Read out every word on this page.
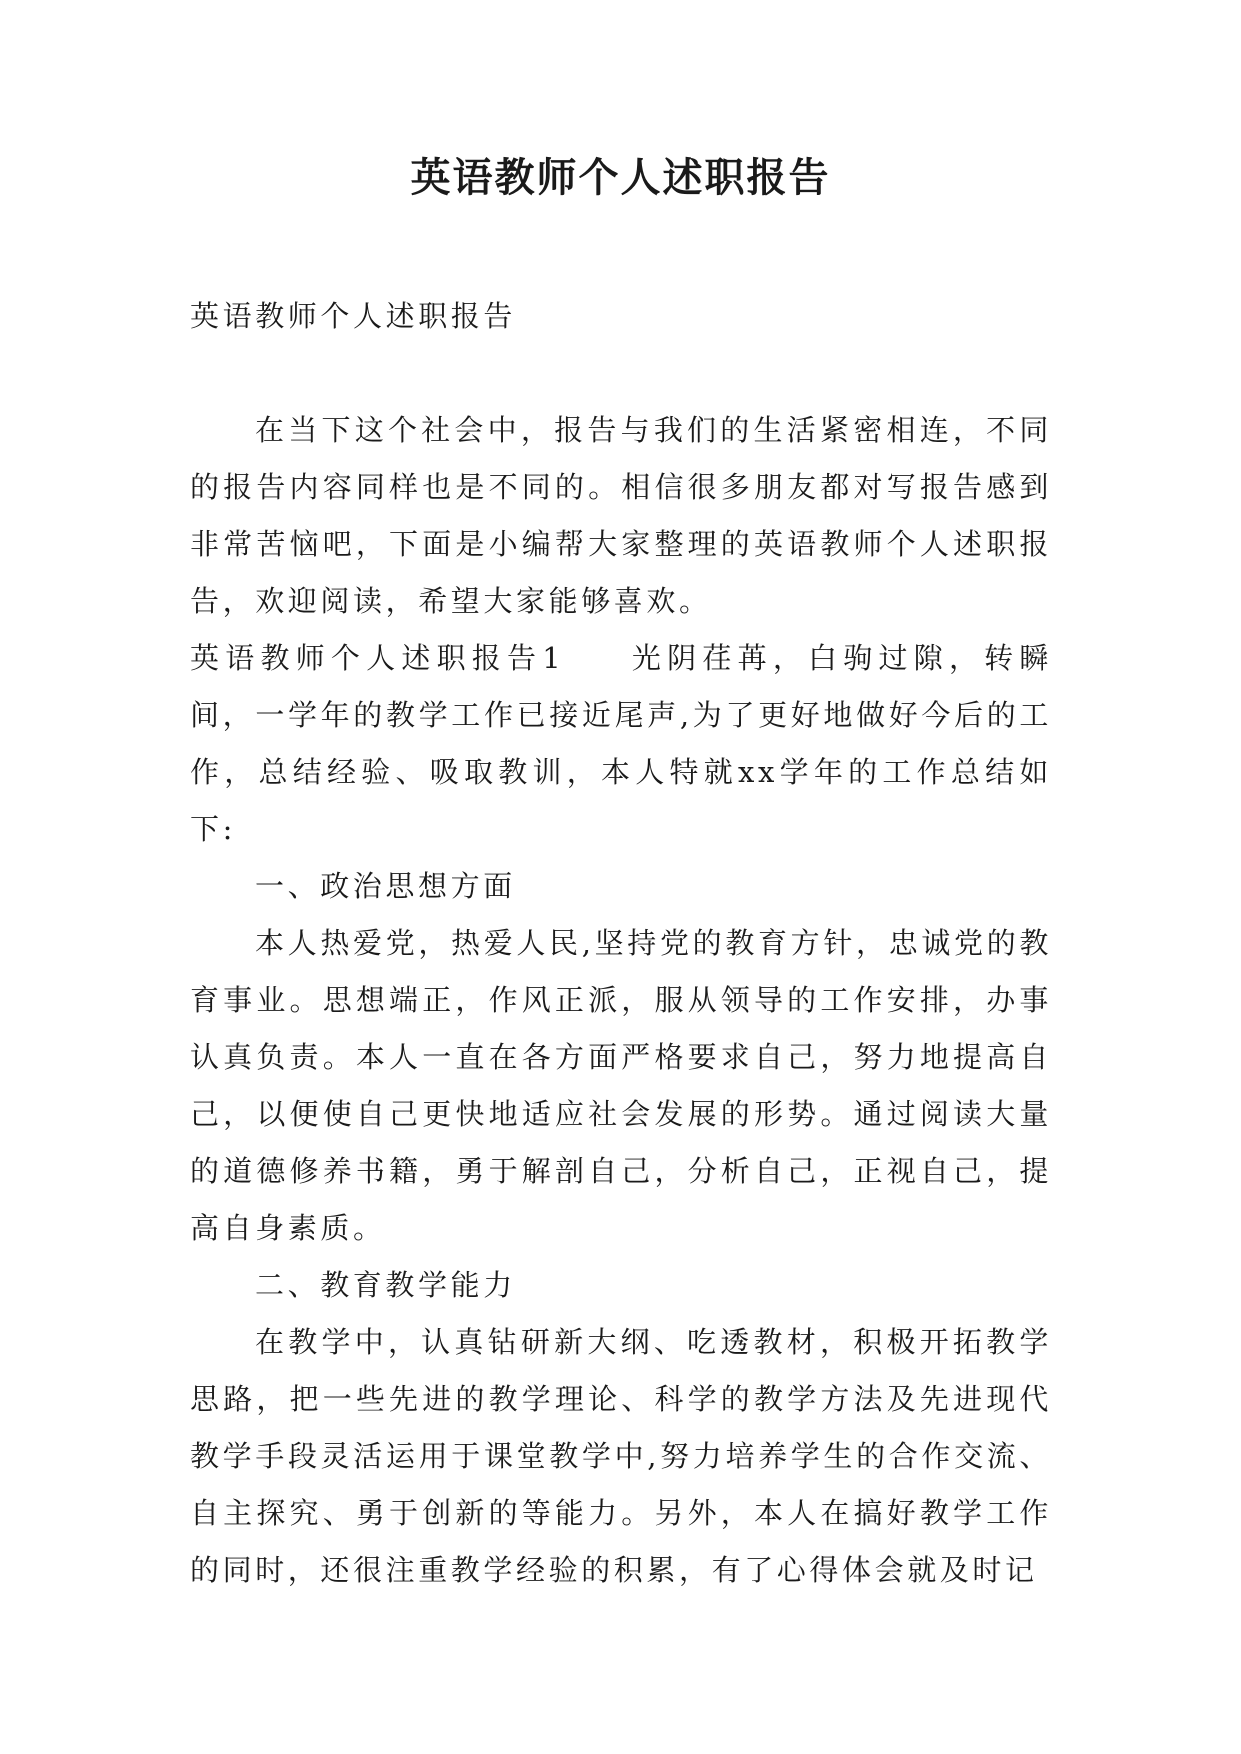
英语教师个人述职报告

英语教师个人述职报告

在当下这个社会中，报告与我们的生活紧密相连，不同的报告内容同样也是不同的。相信很多朋友都对写报告感到非常苦恼吧，下面是小编帮大家整理的英语教师个人述职报告，欢迎阅读，希望大家能够喜欢。

英语教师个人述职报告1 光阴荏苒，白驹过隙，转瞬间，一学年的教学工作已接近尾声,为了更好地做好今后的工作，总结经验、吸取教训，本人特就xx学年的工作总结如下:

一、政治思想方面

本人热爱党，热爱人民,坚持党的教育方针，忠诚党的教育事业。思想端正，作风正派，服从领导的工作安排，办事认真负责。本人一直在各方面严格要求自己，努力地提高自己，以便使自己更快地适应社会发展的形势。通过阅读大量的道德修养书籍，勇于解剖自己，分析自己，正视自己，提高自身素质。

二、教育教学能力

在教学中，认真钻研新大纲、吃透教材，积极开拓教学思路，把一些先进的教学理论、科学的教学方法及先进现代教学手段灵活运用于课堂教学中,努力培养学生的合作交流、自主探究、勇于创新的等能力。另外，本人在搞好教学工作的同时，还很注重教学经验的积累，有了心得体会就及时记
